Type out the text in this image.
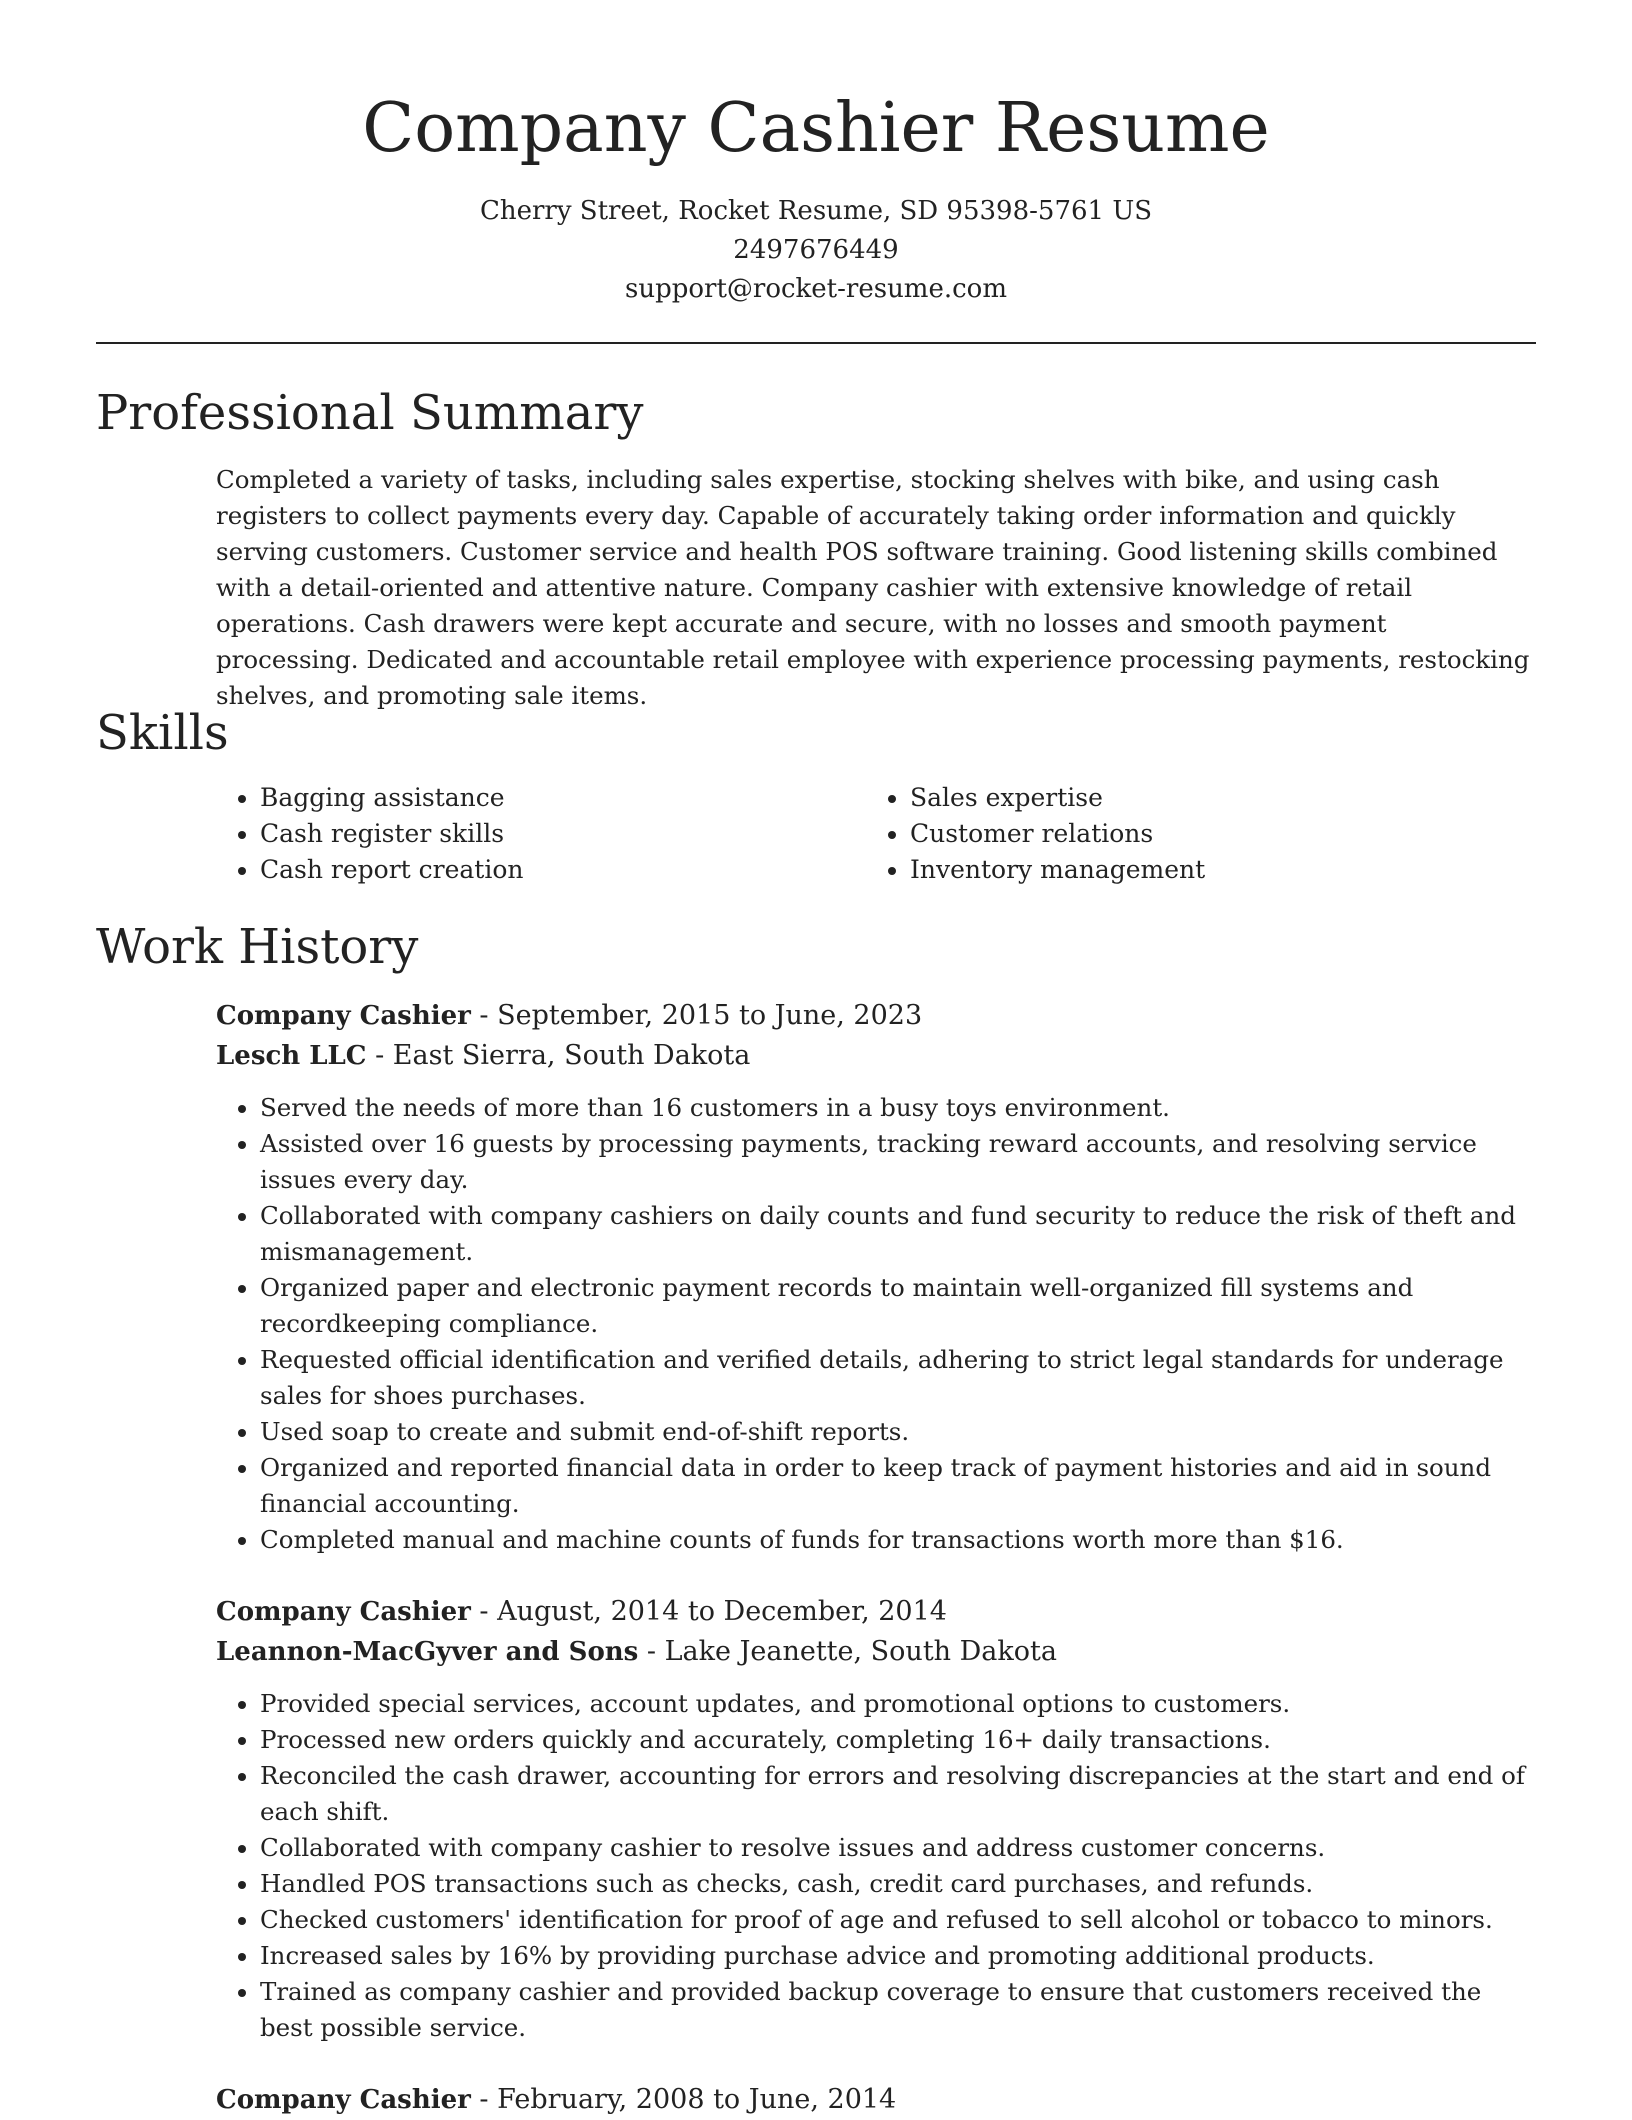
Company Cashier Resume

Cherry Street, Rocket Resume, SD 95398-5761 US

2497676449

support@rocket-resume.com

Professional Summary

Completed a variety of tasks, including sales expertise, stocking shelves with bike, and using cash registers to collect payments every day. Capable of accurately taking order information and quickly serving customers. Customer service and health POS software training. Good listening skills combined with a detail-oriented and attentive nature. Company cashier with extensive knowledge of retail operations. Cash drawers were kept accurate and secure, with no losses and smooth payment processing. Dedicated and accountable retail employee with experience processing payments, restocking shelves, and promoting sale items.

Skills
• Bagging assistance
• Cash register skills
• Cash report creation
• Sales expertise
• Customer relations
• Inventory management
Work History

Company Cashier - September, 2015 to June, 2023

Lesch LLC - East Sierra, South Dakota

• Served the needs of more than 16 customers in a busy toys environment.
• Assisted over 16 guests by processing payments, tracking reward accounts, and resolving service issues every day.
• Collaborated with company cashiers on daily counts and fund security to reduce the risk of theft and mismanagement.
• Organized paper and electronic payment records to maintain well-organized fill systems and recordkeeping compliance.
• Requested official identification and verified details, adhering to strict legal standards for underage sales for shoes purchases.
• Used soap to create and submit end-of-shift reports.
• Organized and reported financial data in order to keep track of payment histories and aid in sound financial accounting.
• Completed manual and machine counts of funds for transactions worth more than $16.

Company Cashier - August, 2014 to December, 2014

Leannon-MacGyver and Sons - Lake Jeanette, South Dakota

• Provided special services, account updates, and promotional options to customers.
• Processed new orders quickly and accurately, completing 16+ daily transactions.
• Reconciled the cash drawer, accounting for errors and resolving discrepancies at the start and end of each shift.
• Collaborated with company cashier to resolve issues and address customer concerns.
• Handled POS transactions such as checks, cash, credit card purchases, and refunds.
• Checked customers' identification for proof of age and refused to sell alcohol or tobacco to minors.
• Increased sales by 16% by providing purchase advice and promoting additional products.
• Trained as company cashier and provided backup coverage to ensure that customers received the best possible service.

Company Cashier - February, 2008 to June, 2014
